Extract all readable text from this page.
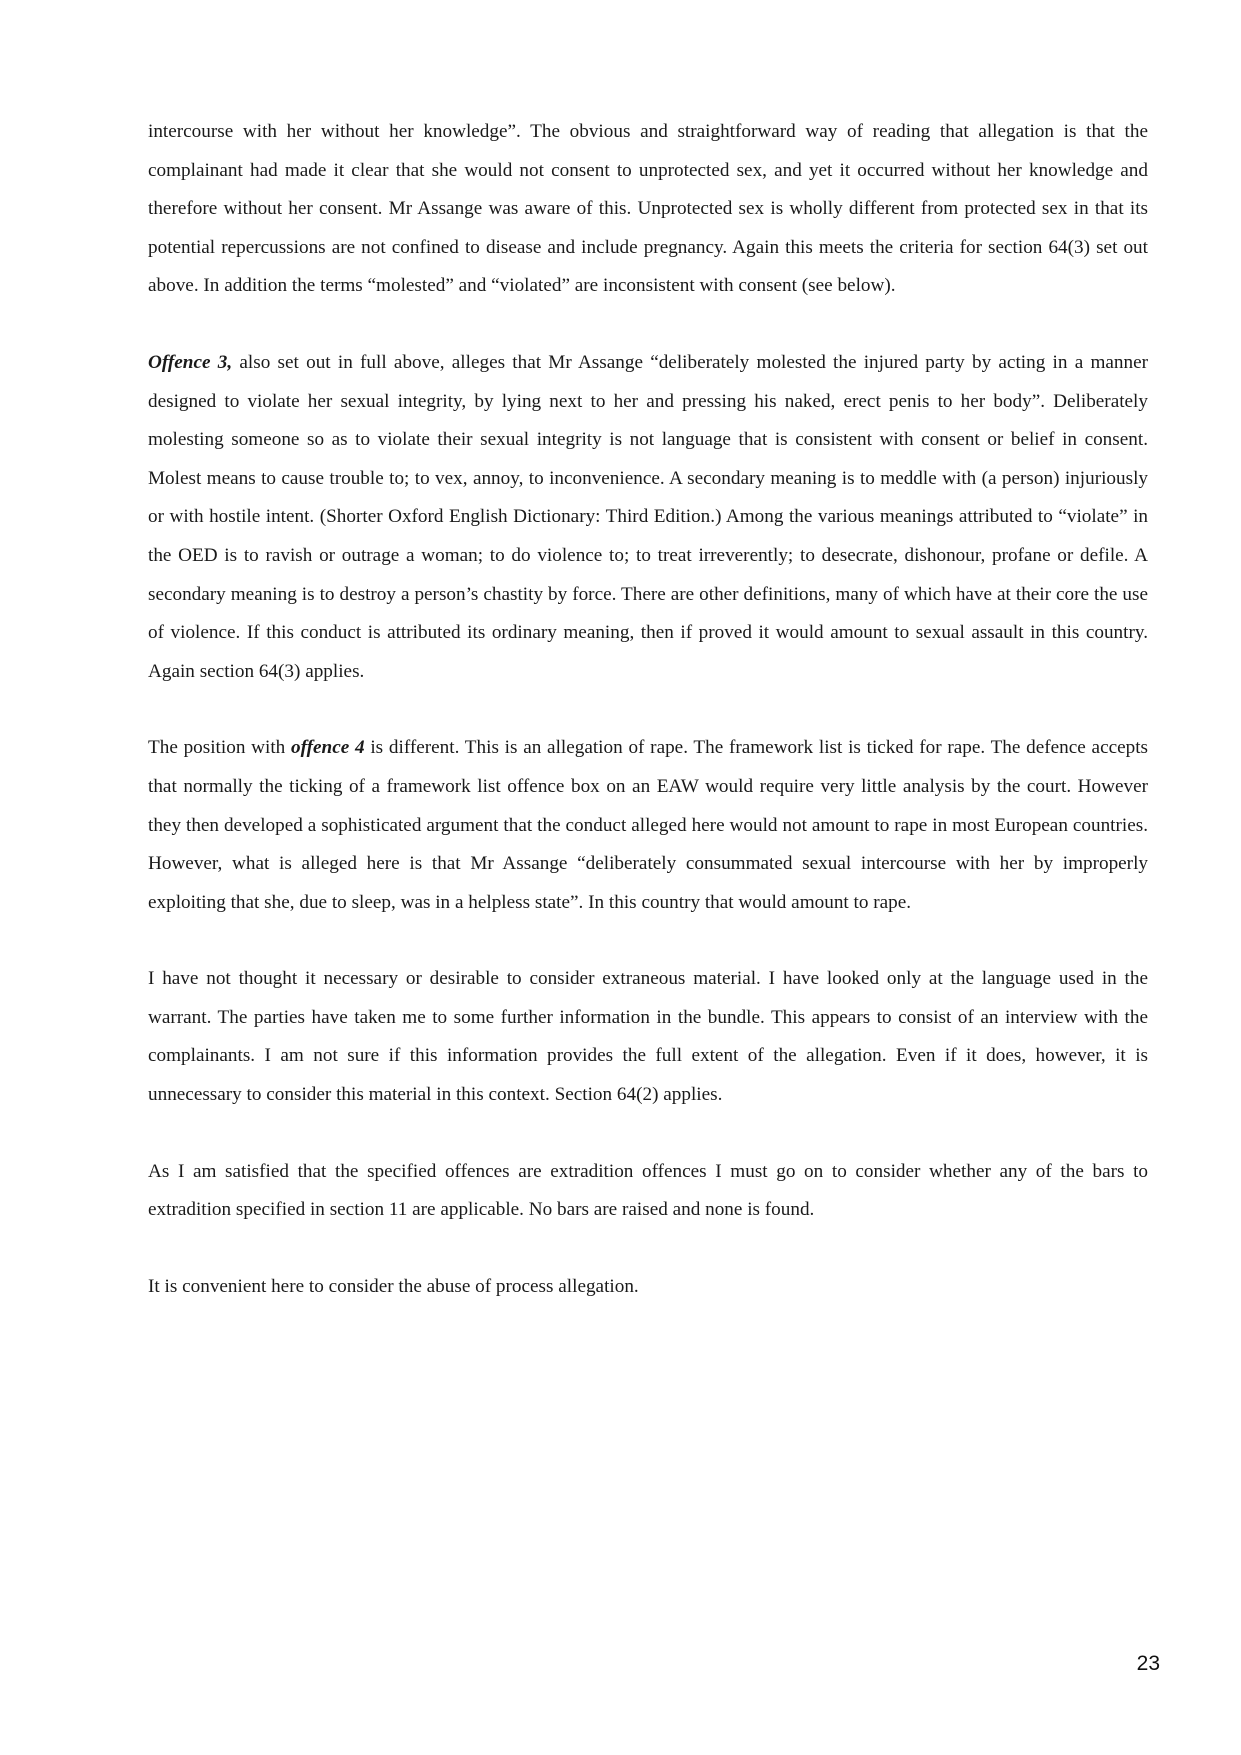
intercourse with her without her knowledge”. The obvious and straightforward way of reading that allegation is that the complainant had made it clear that she would not consent to unprotected sex, and yet it occurred without her knowledge and therefore without her consent. Mr Assange was aware of this. Unprotected sex is wholly different from protected sex in that its potential repercussions are not confined to disease and include pregnancy. Again this meets the criteria for section 64(3) set out above. In addition the terms “molested” and “violated” are inconsistent with consent (see below).

Offence 3, also set out in full above, alleges that Mr Assange “deliberately molested the injured party by acting in a manner designed to violate her sexual integrity, by lying next to her and pressing his naked, erect penis to her body”. Deliberately molesting someone so as to violate their sexual integrity is not language that is consistent with consent or belief in consent. Molest means to cause trouble to; to vex, annoy, to inconvenience. A secondary meaning is to meddle with (a person) injuriously or with hostile intent. (Shorter Oxford English Dictionary: Third Edition.) Among the various meanings attributed to “violate” in the OED is to ravish or outrage a woman; to do violence to; to treat irreverently; to desecrate, dishonour, profane or defile. A secondary meaning is to destroy a person’s chastity by force. There are other definitions, many of which have at their core the use of violence. If this conduct is attributed its ordinary meaning, then if proved it would amount to sexual assault in this country. Again section 64(3) applies.

The position with offence 4 is different. This is an allegation of rape. The framework list is ticked for rape. The defence accepts that normally the ticking of a framework list offence box on an EAW would require very little analysis by the court. However they then developed a sophisticated argument that the conduct alleged here would not amount to rape in most European countries. However, what is alleged here is that Mr Assange “deliberately consummated sexual intercourse with her by improperly exploiting that she, due to sleep, was in a helpless state”. In this country that would amount to rape.

I have not thought it necessary or desirable to consider extraneous material. I have looked only at the language used in the warrant. The parties have taken me to some further information in the bundle. This appears to consist of an interview with the complainants. I am not sure if this information provides the full extent of the allegation. Even if it does, however, it is unnecessary to consider this material in this context. Section 64(2) applies.

As I am satisfied that the specified offences are extradition offences I must go on to consider whether any of the bars to extradition specified in section 11 are applicable. No bars are raised and none is found.

It is convenient here to consider the abuse of process allegation.

23
